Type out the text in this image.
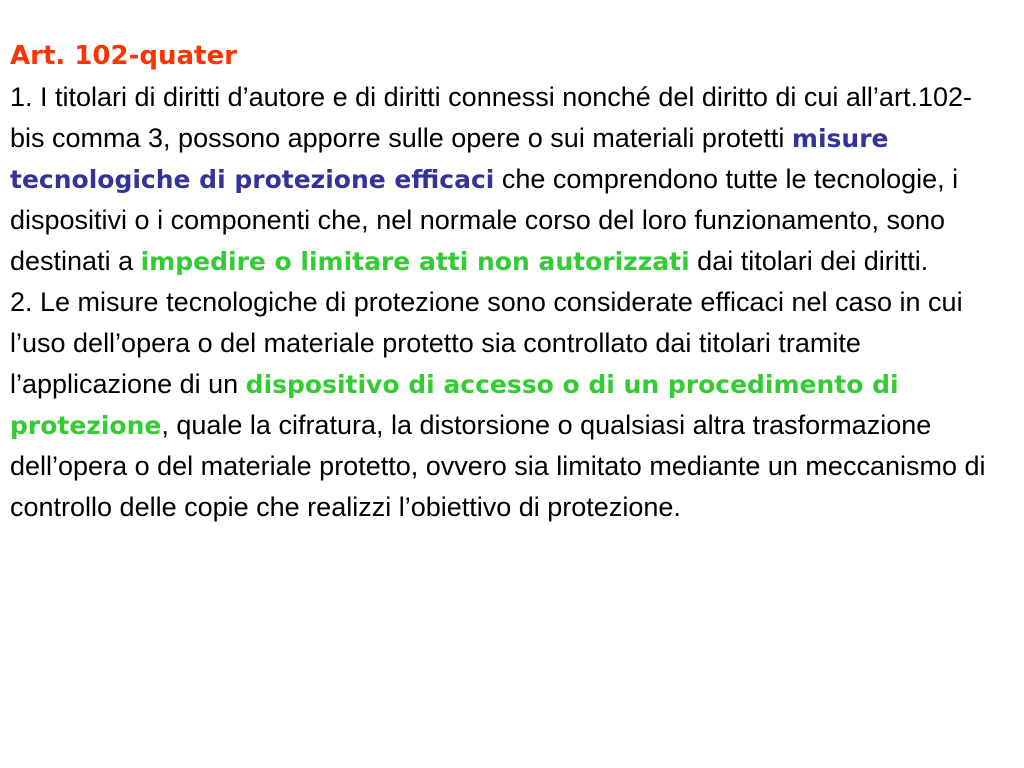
Art. 102-quater
1. I titolari di diritti d’autore e di diritti connessi nonché del diritto di cui all’art.102-bis comma 3, possono apporre sulle opere o sui materiali protetti misure tecnologiche di protezione efficaci che comprendono tutte le tecnologie, i dispositivi o i componenti che, nel normale corso del loro funzionamento, sono destinati a impedire o limitare atti non autorizzati dai titolari dei diritti.
2. Le misure tecnologiche di protezione sono considerate efficaci nel caso in cui l’uso dell’opera o del materiale protetto sia controllato dai titolari tramite l’applicazione di un dispositivo di accesso o di un procedimento di protezione, quale la cifratura, la distorsione o qualsiasi altra trasformazione dell’opera o del materiale protetto, ovvero sia limitato mediante un meccanismo di controllo delle copie che realizzi l’obiettivo di protezione.
